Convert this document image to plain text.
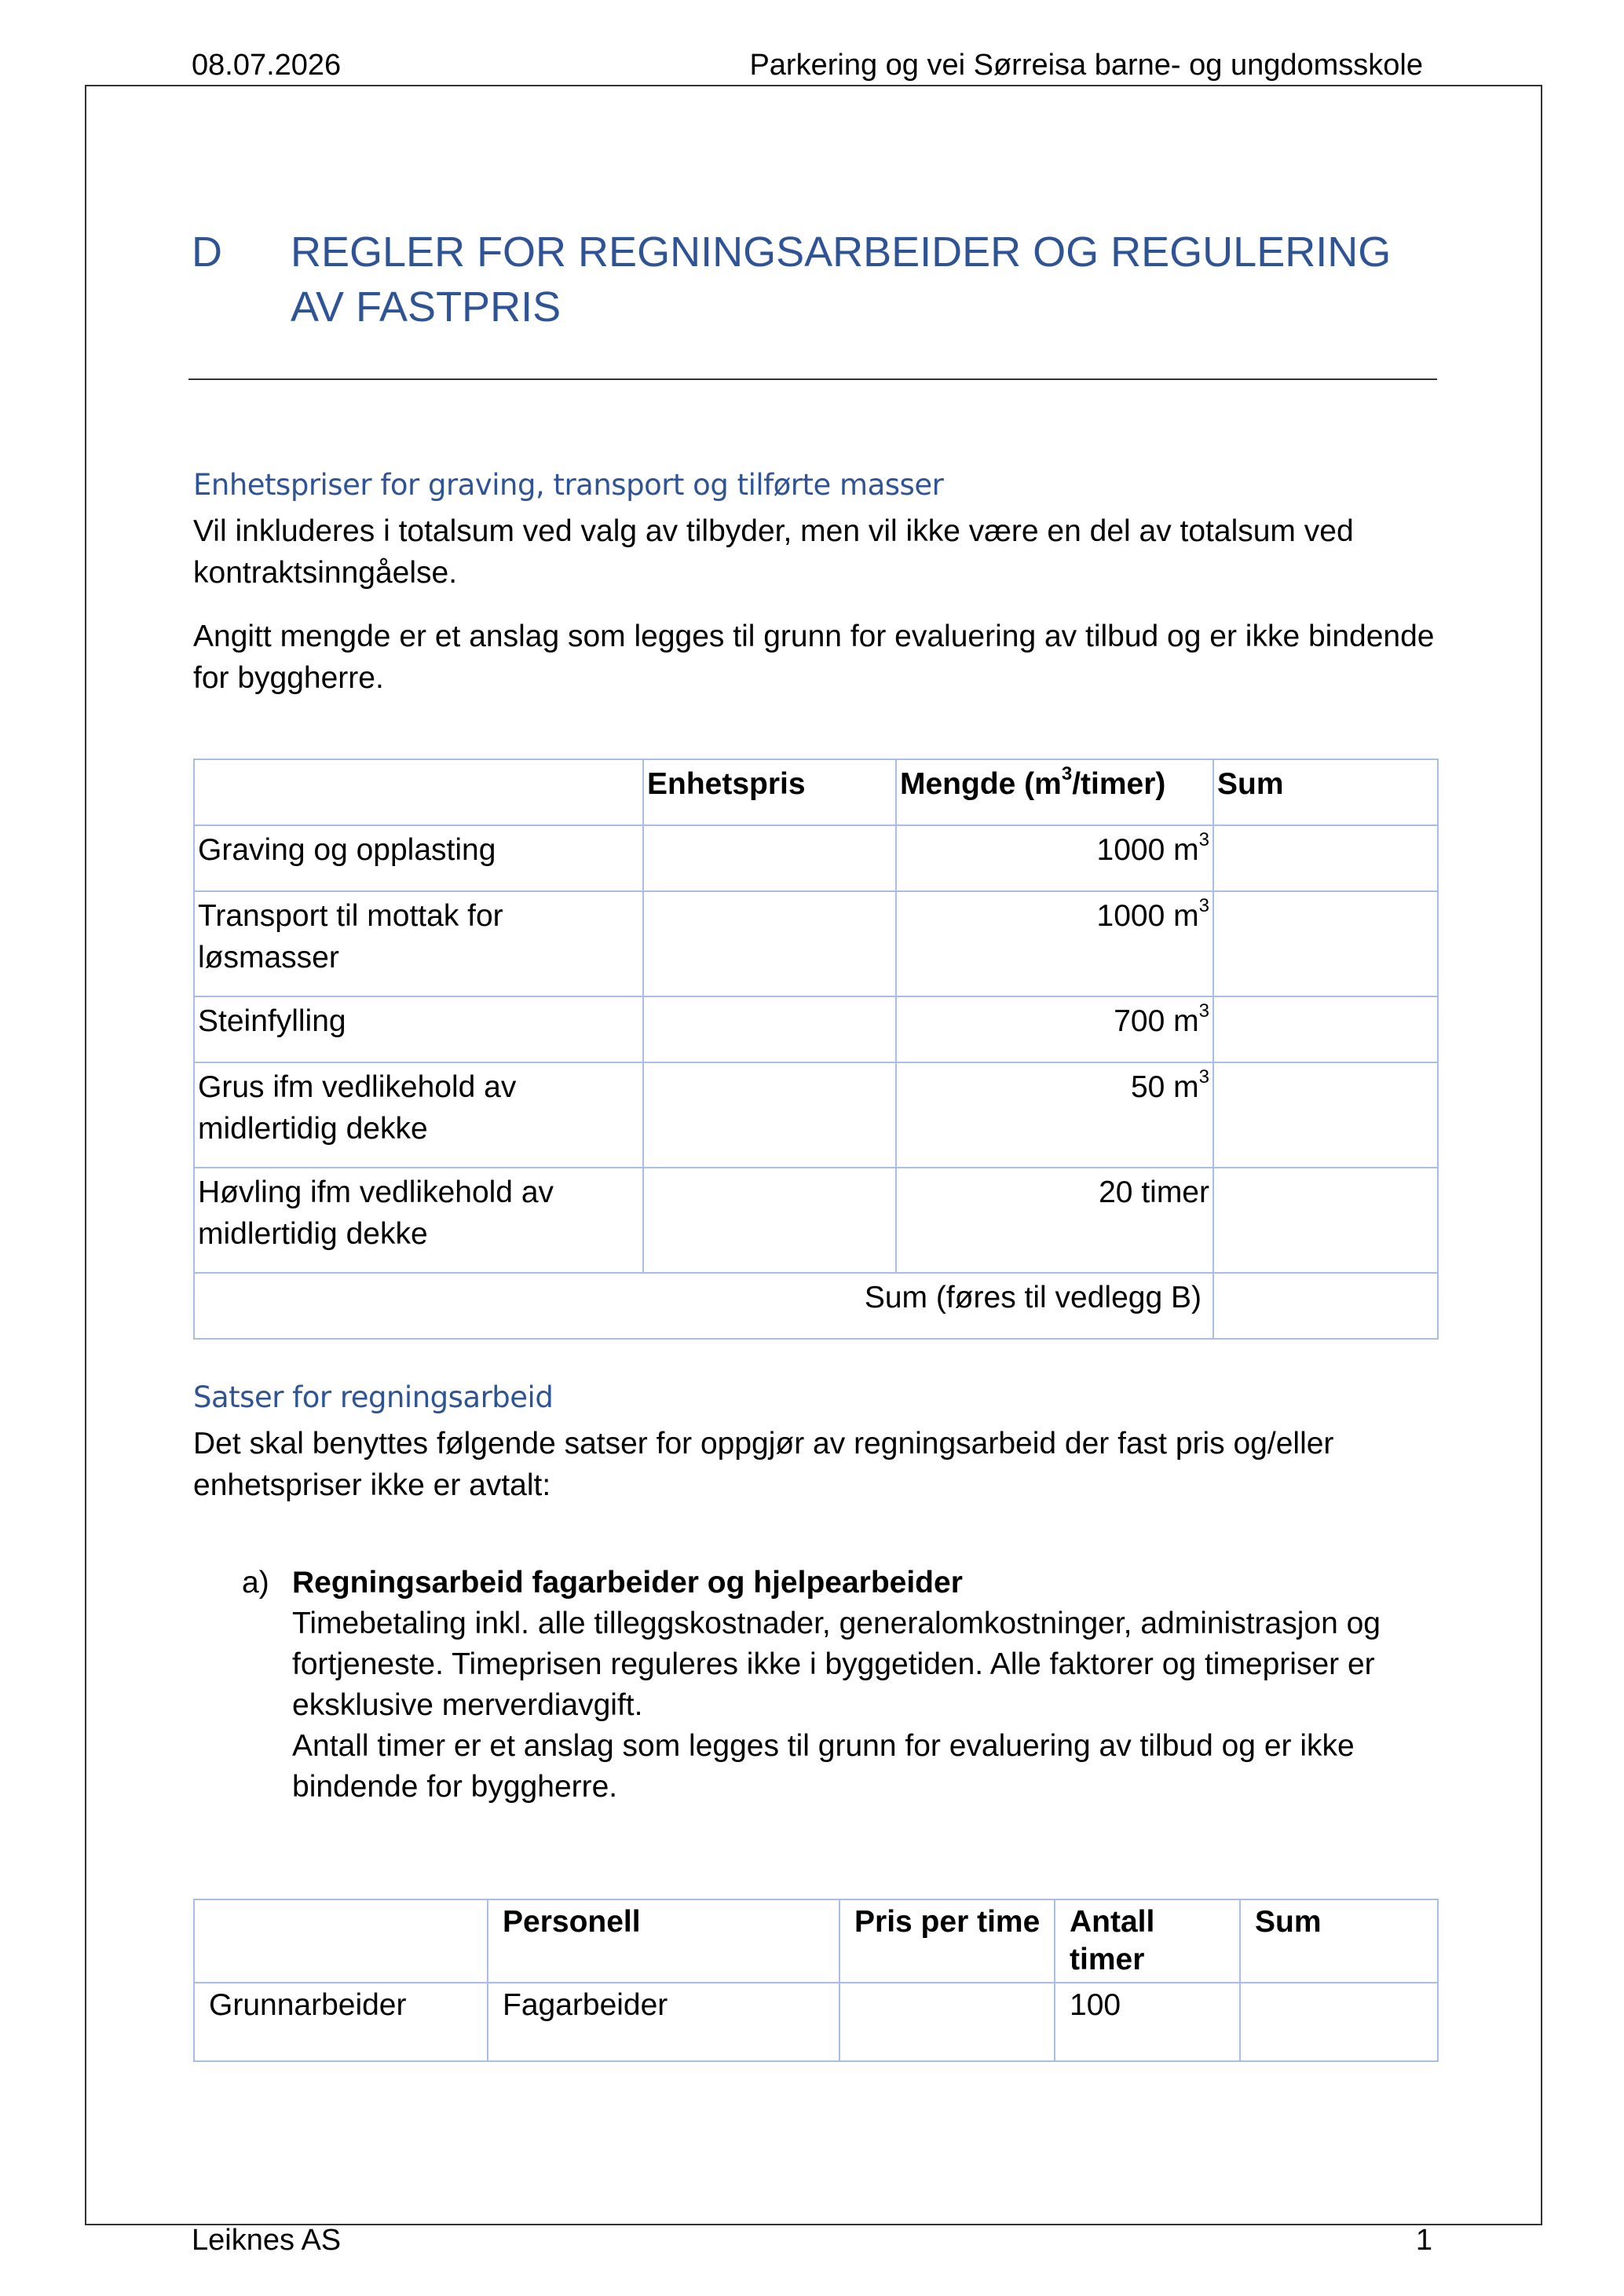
08.07.2026	Parkering og vei Sørreisa barne- og ungdomsskole
D REGLER FOR REGNINGSARBEIDER OG REGULERING AV FASTPRIS
Enhetspriser for graving, transport og tilførte masser
Vil inkluderes i totalsum ved valg av tilbyder, men vil ikke være en del av totalsum ved kontraktsinngåelse.
Angitt mengde er et anslag som legges til grunn for evaluering av tilbud og er ikke bindende for byggherre.
	Enhetspris	Mengde $(m^3/timer)$	Sum
Graving og opplasting		1000 $m^3$	
Transport til mottak for løsmasser		1000 $m^3$	
Steinfylling		700 $m^3$	
Grus ifm vedlikehold av midlertidig dekke		50 $m^3$	
Høvling ifm vedlikehold av midlertidig dekke		20 timer	
Sum (føres til vedlegg B)			
Satser for regningsarbeid
Det skal benyttes følgende satser for oppgjør av regningsarbeid der fast pris og/eller enhetspriser ikke er avtalt:
a) Regningsarbeid fagarbeider og hjelpearbeider
Timebetaling inkl. alle tilleggskostnader, generalomkostninger, administrasjon og fortjeneste. Timeprisen reguleres ikke i byggetiden. Alle faktorer og timepriser er eksklusive merverdiavgift.
Antall timer er et anslag som legges til grunn for evaluering av tilbud og er ikke bindende for byggherre.
	Personell	Pris per time	Antall timer	Sum
Grunnarbeider	Fagarbeider		100	
Leiknes AS	1
